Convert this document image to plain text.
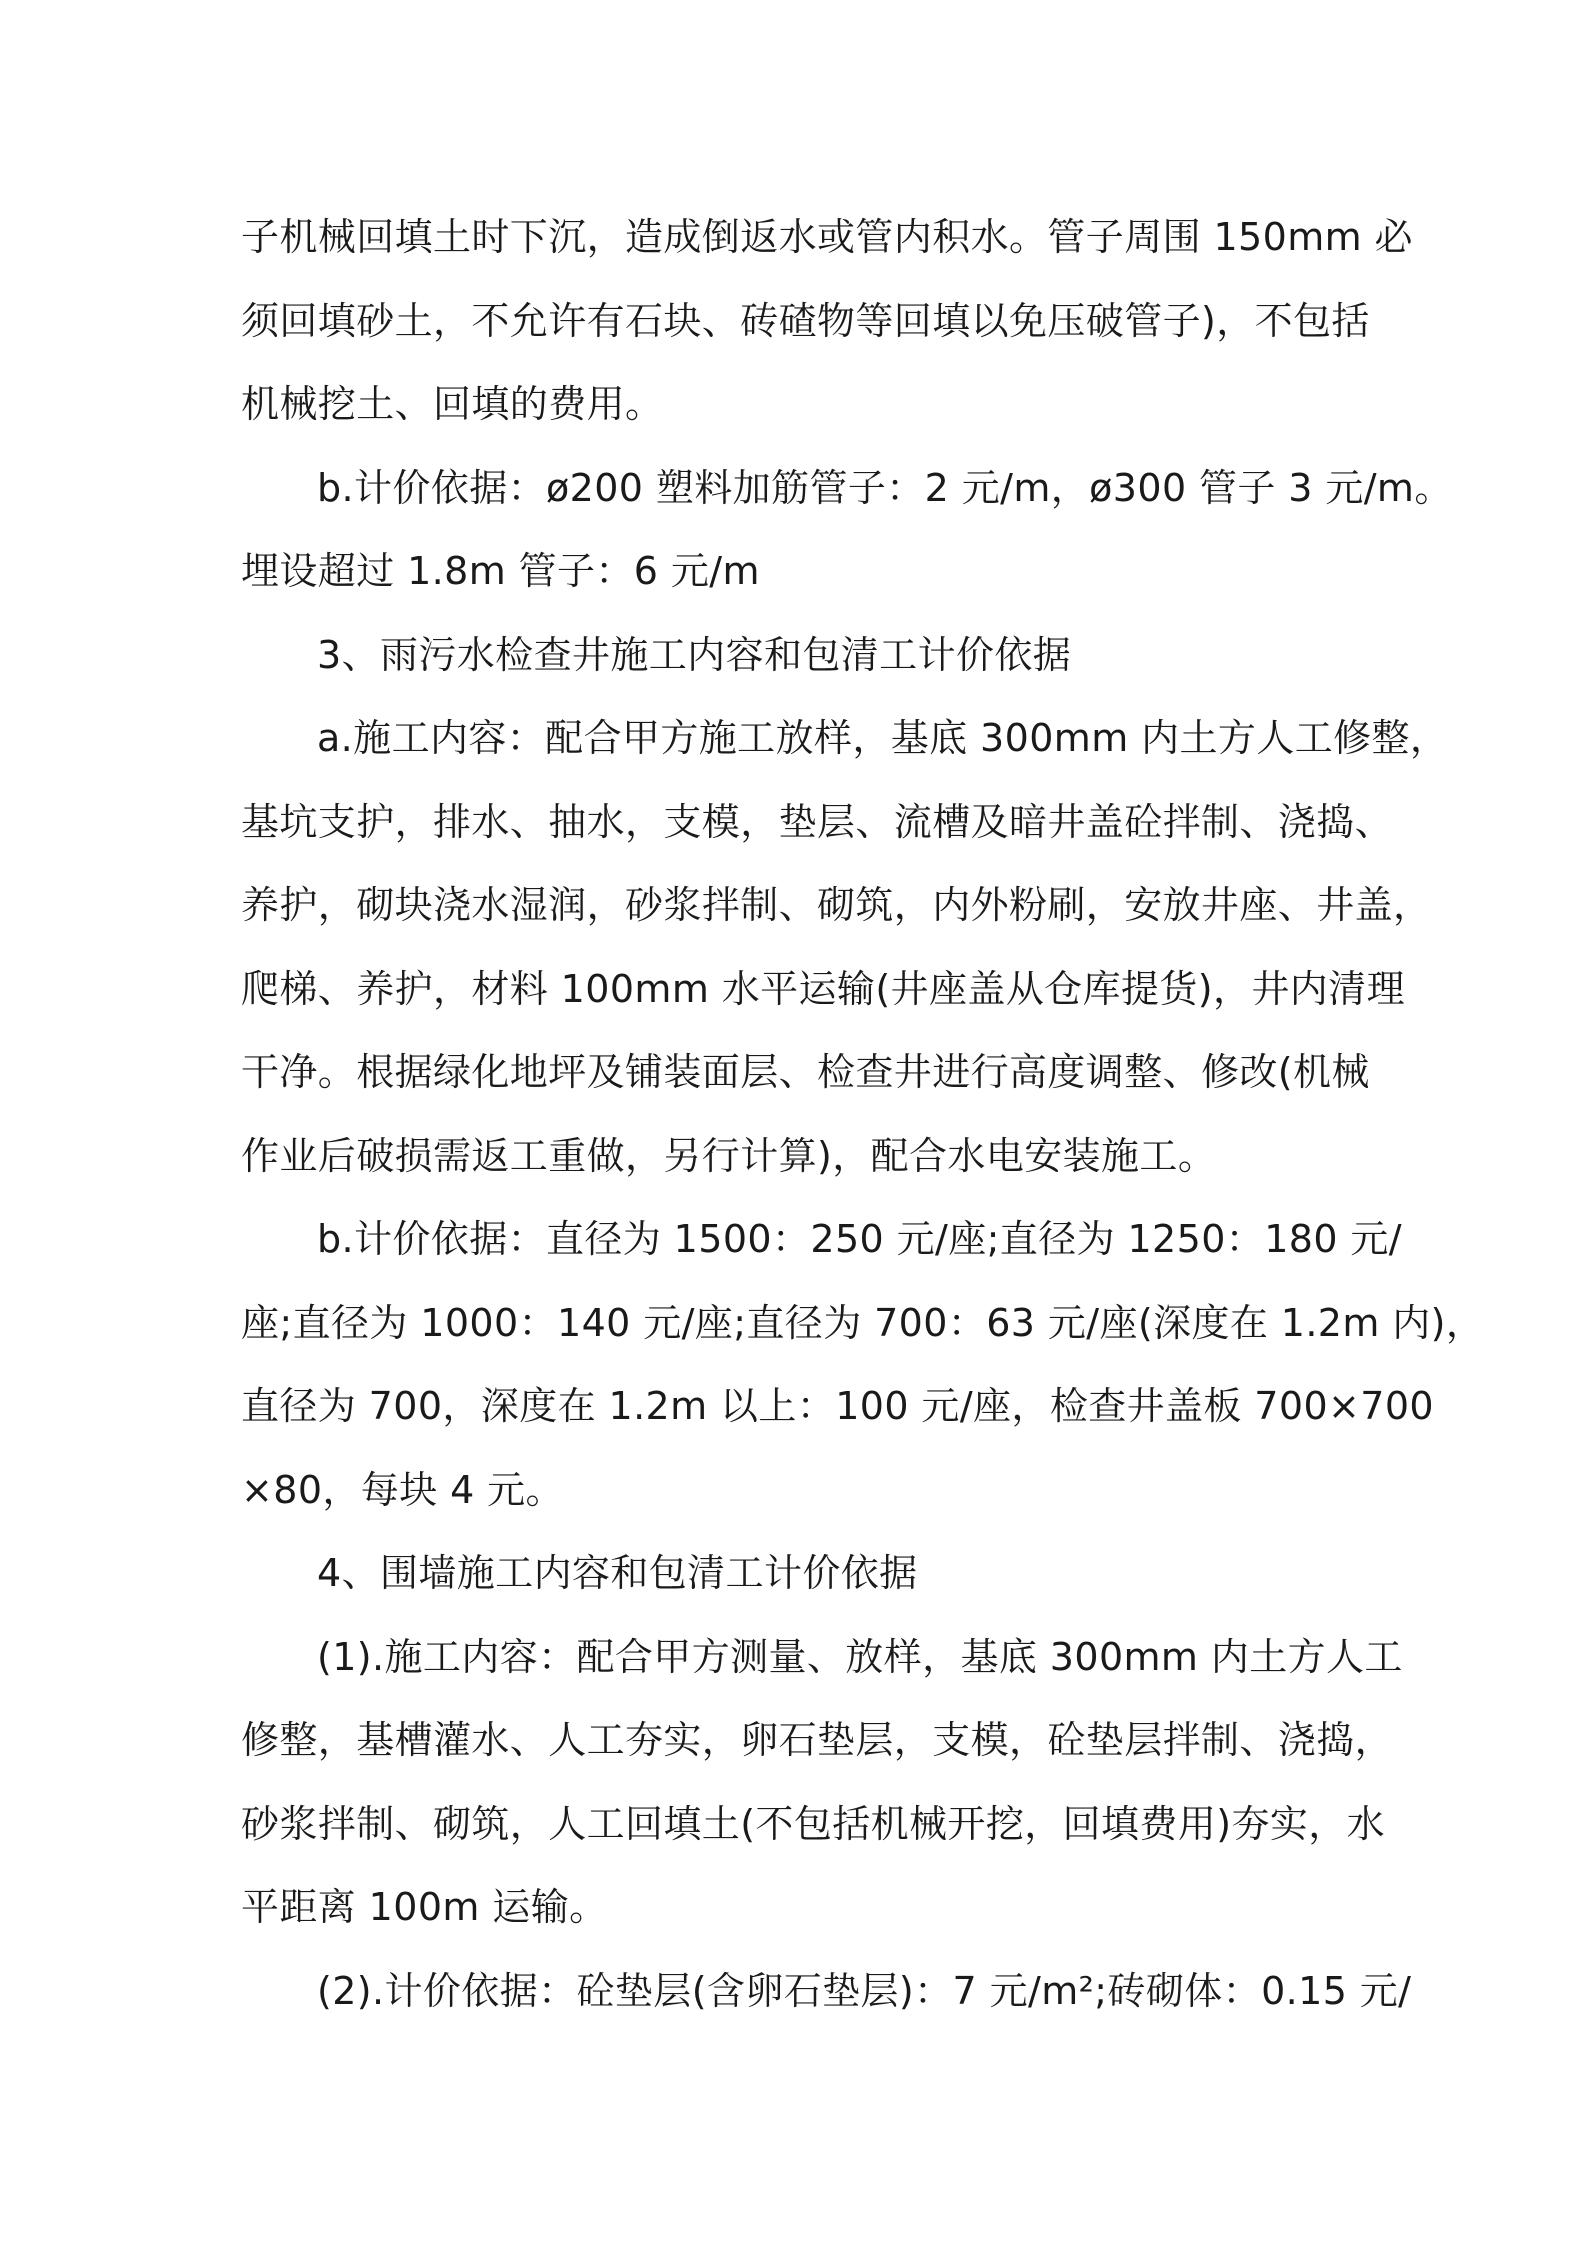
子机械回填土时下沉，造成倒返水或管内积水。管子周围 150mm 必
须回填砂土，不允许有石块、砖碴物等回填以免压破管子)，不包括
机械挖土、回填的费用。
b.计价依据：ø200 塑料加筋管子：2 元/m，ø300 管子 3 元/m。
埋设超过 1.8m 管子：6 元/m
3、雨污水检查井施工内容和包清工计价依据
a.施工内容：配合甲方施工放样，基底 300mm 内土方人工修整，
基坑支护，排水、抽水，支模，垫层、流槽及暗井盖砼拌制、浇捣、
养护，砌块浇水湿润，砂浆拌制、砌筑，内外粉刷，安放井座、井盖，
爬梯、养护，材料 100mm 水平运输(井座盖从仓库提货)，井内清理
干净。根据绿化地坪及铺装面层、检查井进行高度调整、修改(机械
作业后破损需返工重做，另行计算)，配合水电安装施工。
b.计价依据：直径为 1500：250 元/座;直径为 1250：180 元/
座;直径为 1000：140 元/座;直径为 700：63 元/座(深度在 1.2m 内)，
直径为 700，深度在 1.2m 以上：100 元/座，检查井盖板 700×700
×80，每块 4 元。
4、围墙施工内容和包清工计价依据
(1).施工内容：配合甲方测量、放样，基底 300mm 内土方人工
修整，基槽灌水、人工夯实，卵石垫层，支模，砼垫层拌制、浇捣，
砂浆拌制、砌筑，人工回填土(不包括机械开挖，回填费用)夯实，水
平距离 100m 运输。
(2).计价依据：砼垫层(含卵石垫层)：7 元/m²;砖砌体：0.15 元/
